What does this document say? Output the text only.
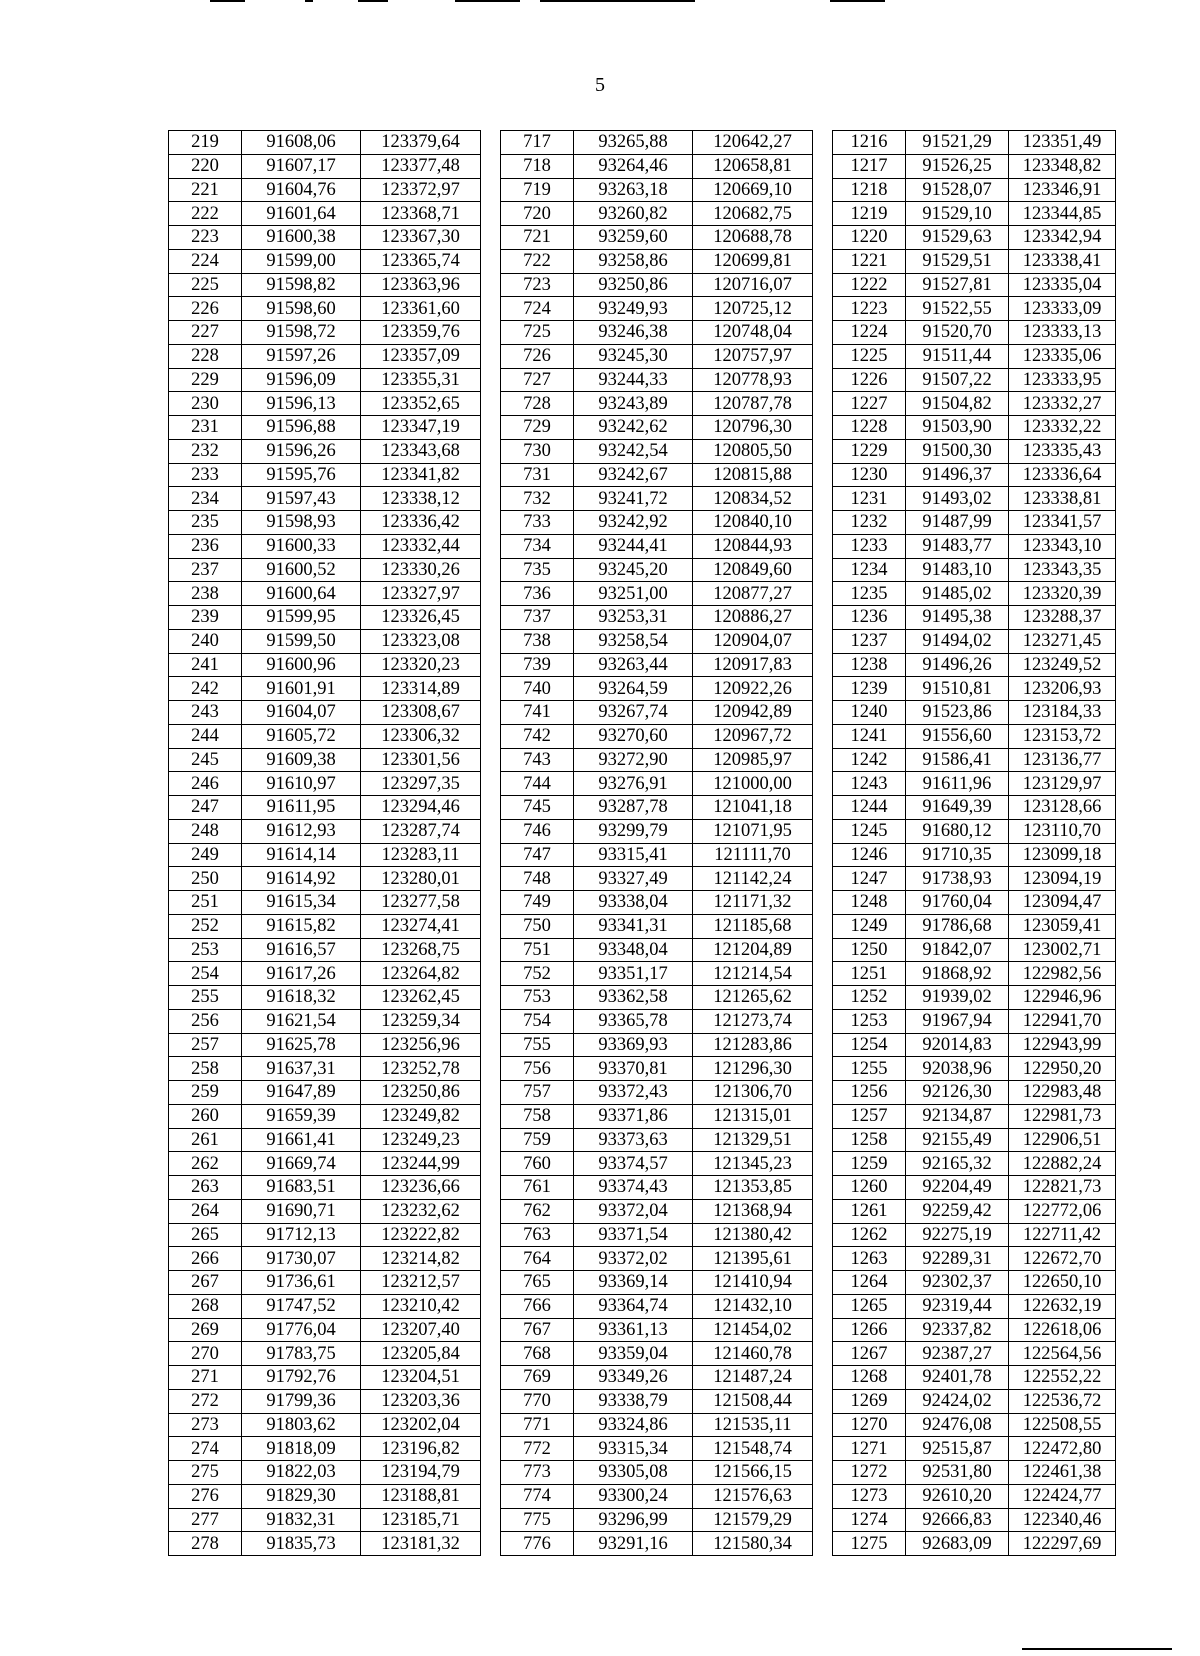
5
219	91608,06	123379,64
220	91607,17	123377,48
221	91604,76	123372,97
222	91601,64	123368,71
223	91600,38	123367,30
224	91599,00	123365,74
225	91598,82	123363,96
226	91598,60	123361,60
227	91598,72	123359,76
228	91597,26	123357,09
229	91596,09	123355,31
230	91596,13	123352,65
231	91596,88	123347,19
232	91596,26	123343,68
233	91595,76	123341,82
234	91597,43	123338,12
235	91598,93	123336,42
236	91600,33	123332,44
237	91600,52	123330,26
238	91600,64	123327,97
239	91599,95	123326,45
240	91599,50	123323,08
241	91600,96	123320,23
242	91601,91	123314,89
243	91604,07	123308,67
244	91605,72	123306,32
245	91609,38	123301,56
246	91610,97	123297,35
247	91611,95	123294,46
248	91612,93	123287,74
249	91614,14	123283,11
250	91614,92	123280,01
251	91615,34	123277,58
252	91615,82	123274,41
253	91616,57	123268,75
254	91617,26	123264,82
255	91618,32	123262,45
256	91621,54	123259,34
257	91625,78	123256,96
258	91637,31	123252,78
259	91647,89	123250,86
260	91659,39	123249,82
261	91661,41	123249,23
262	91669,74	123244,99
263	91683,51	123236,66
264	91690,71	123232,62
265	91712,13	123222,82
266	91730,07	123214,82
267	91736,61	123212,57
268	91747,52	123210,42
269	91776,04	123207,40
270	91783,75	123205,84
271	91792,76	123204,51
272	91799,36	123203,36
273	91803,62	123202,04
274	91818,09	123196,82
275	91822,03	123194,79
276	91829,30	123188,81
277	91832,31	123185,71
278	91835,73	123181,32
717	93265,88	120642,27
718	93264,46	120658,81
719	93263,18	120669,10
720	93260,82	120682,75
721	93259,60	120688,78
722	93258,86	120699,81
723	93250,86	120716,07
724	93249,93	120725,12
725	93246,38	120748,04
726	93245,30	120757,97
727	93244,33	120778,93
728	93243,89	120787,78
729	93242,62	120796,30
730	93242,54	120805,50
731	93242,67	120815,88
732	93241,72	120834,52
733	93242,92	120840,10
734	93244,41	120844,93
735	93245,20	120849,60
736	93251,00	120877,27
737	93253,31	120886,27
738	93258,54	120904,07
739	93263,44	120917,83
740	93264,59	120922,26
741	93267,74	120942,89
742	93270,60	120967,72
743	93272,90	120985,97
744	93276,91	121000,00
745	93287,78	121041,18
746	93299,79	121071,95
747	93315,41	121111,70
748	93327,49	121142,24
749	93338,04	121171,32
750	93341,31	121185,68
751	93348,04	121204,89
752	93351,17	121214,54
753	93362,58	121265,62
754	93365,78	121273,74
755	93369,93	121283,86
756	93370,81	121296,30
757	93372,43	121306,70
758	93371,86	121315,01
759	93373,63	121329,51
760	93374,57	121345,23
761	93374,43	121353,85
762	93372,04	121368,94
763	93371,54	121380,42
764	93372,02	121395,61
765	93369,14	121410,94
766	93364,74	121432,10
767	93361,13	121454,02
768	93359,04	121460,78
769	93349,26	121487,24
770	93338,79	121508,44
771	93324,86	121535,11
772	93315,34	121548,74
773	93305,08	121566,15
774	93300,24	121576,63
775	93296,99	121579,29
776	93291,16	121580,34
1216	91521,29	123351,49
1217	91526,25	123348,82
1218	91528,07	123346,91
1219	91529,10	123344,85
1220	91529,63	123342,94
1221	91529,51	123338,41
1222	91527,81	123335,04
1223	91522,55	123333,09
1224	91520,70	123333,13
1225	91511,44	123335,06
1226	91507,22	123333,95
1227	91504,82	123332,27
1228	91503,90	123332,22
1229	91500,30	123335,43
1230	91496,37	123336,64
1231	91493,02	123338,81
1232	91487,99	123341,57
1233	91483,77	123343,10
1234	91483,10	123343,35
1235	91485,02	123320,39
1236	91495,38	123288,37
1237	91494,02	123271,45
1238	91496,26	123249,52
1239	91510,81	123206,93
1240	91523,86	123184,33
1241	91556,60	123153,72
1242	91586,41	123136,77
1243	91611,96	123129,97
1244	91649,39	123128,66
1245	91680,12	123110,70
1246	91710,35	123099,18
1247	91738,93	123094,19
1248	91760,04	123094,47
1249	91786,68	123059,41
1250	91842,07	123002,71
1251	91868,92	122982,56
1252	91939,02	122946,96
1253	91967,94	122941,70
1254	92014,83	122943,99
1255	92038,96	122950,20
1256	92126,30	122983,48
1257	92134,87	122981,73
1258	92155,49	122906,51
1259	92165,32	122882,24
1260	92204,49	122821,73
1261	92259,42	122772,06
1262	92275,19	122711,42
1263	92289,31	122672,70
1264	92302,37	122650,10
1265	92319,44	122632,19
1266	92337,82	122618,06
1267	92387,27	122564,56
1268	92401,78	122552,22
1269	92424,02	122536,72
1270	92476,08	122508,55
1271	92515,87	122472,80
1272	92531,80	122461,38
1273	92610,20	122424,77
1274	92666,83	122340,46
1275	92683,09	122297,69
